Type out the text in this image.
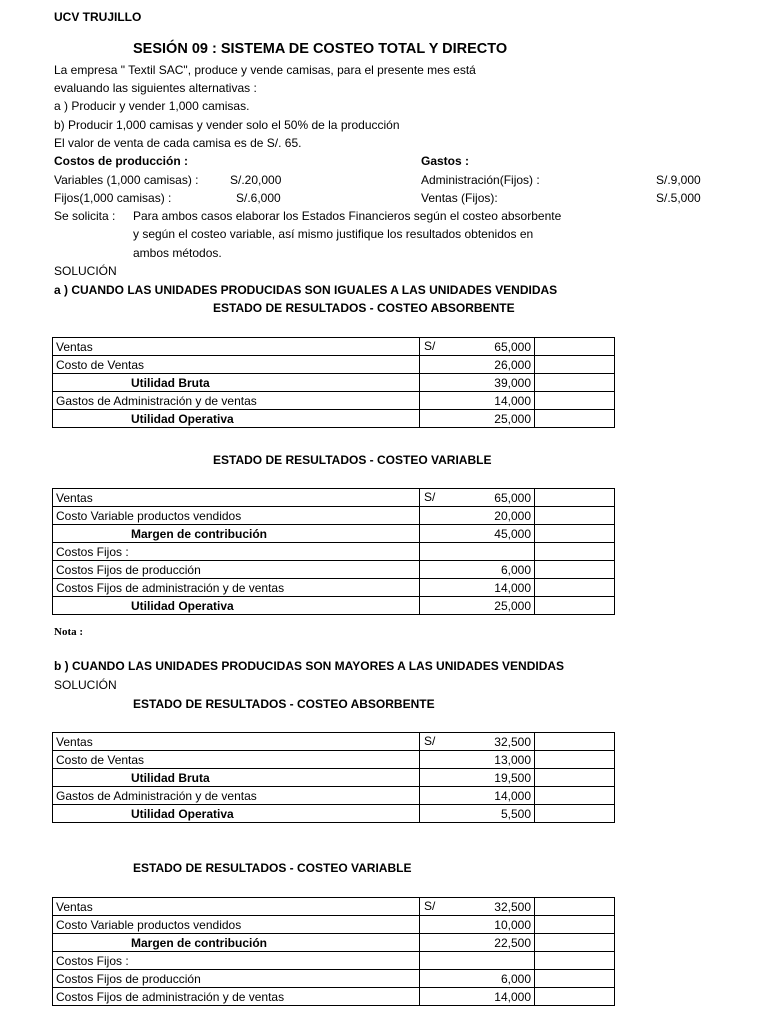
UCV TRUJILLO
SESIÓN 09 : SISTEMA DE COSTEO TOTAL Y DIRECTO
La empresa " Textil SAC", produce y vende camisas, para el presente mes está
evaluando las siguientes alternativas :
a ) Producir y vender 1,000 camisas.
b) Producir 1,000 camisas y vender solo el 50% de la producción
El valor de venta de cada camisa es de S/. 65.
Costos de producción :
Variables (1,000 camisas) :	S/.20,000
Fijos(1,000 camisas) :	S/.6,000
Gastos :
Administración(Fijos) :	S/.9,000
Ventas (Fijos):	S/.5,000
Se solicita : Para ambos casos elaborar los Estados Financieros según el costeo absorbente
y según el costeo variable, así mismo justifique los resultados obtenidos en
ambos métodos.
SOLUCIÓN
a ) CUANDO LAS UNIDADES PRODUCIDAS SON IGUALES A LAS UNIDADES VENDIDAS
ESTADO DE RESULTADOS - COSTEO ABSORBENTE
Ventas	S/ 65,000	
Costo de Ventas	26,000	
Utilidad Bruta	39,000	
Gastos de Administración y de ventas	14,000	
Utilidad Operativa	25,000	
ESTADO DE RESULTADOS - COSTEO VARIABLE
Ventas	S/ 65,000	
Costo Variable productos vendidos	20,000	
Margen de contribución	45,000	
Costos Fijos :	

Costos Fijos de producción	6,000	
Costos Fijos de administración y de ventas	14,000	
Utilidad Operativa	25,000	
Nota :
b ) CUANDO LAS UNIDADES PRODUCIDAS SON MAYORES A LAS UNIDADES VENDIDAS
SOLUCIÓN
ESTADO DE RESULTADOS - COSTEO ABSORBENTE
Ventas	S/ 32,500	
Costo de Ventas	13,000	
Utilidad Bruta	19,500	
Gastos de Administración y de ventas	14,000	
Utilidad Operativa	5,500	
ESTADO DE RESULTADOS - COSTEO VARIABLE
Ventas	S/ 32,500	
Costo Variable productos vendidos	10,000	
Margen de contribución	22,500	
Costos Fijos :	

Costos Fijos de producción	6,000	
Costos Fijos de administración y de ventas	14,000	
